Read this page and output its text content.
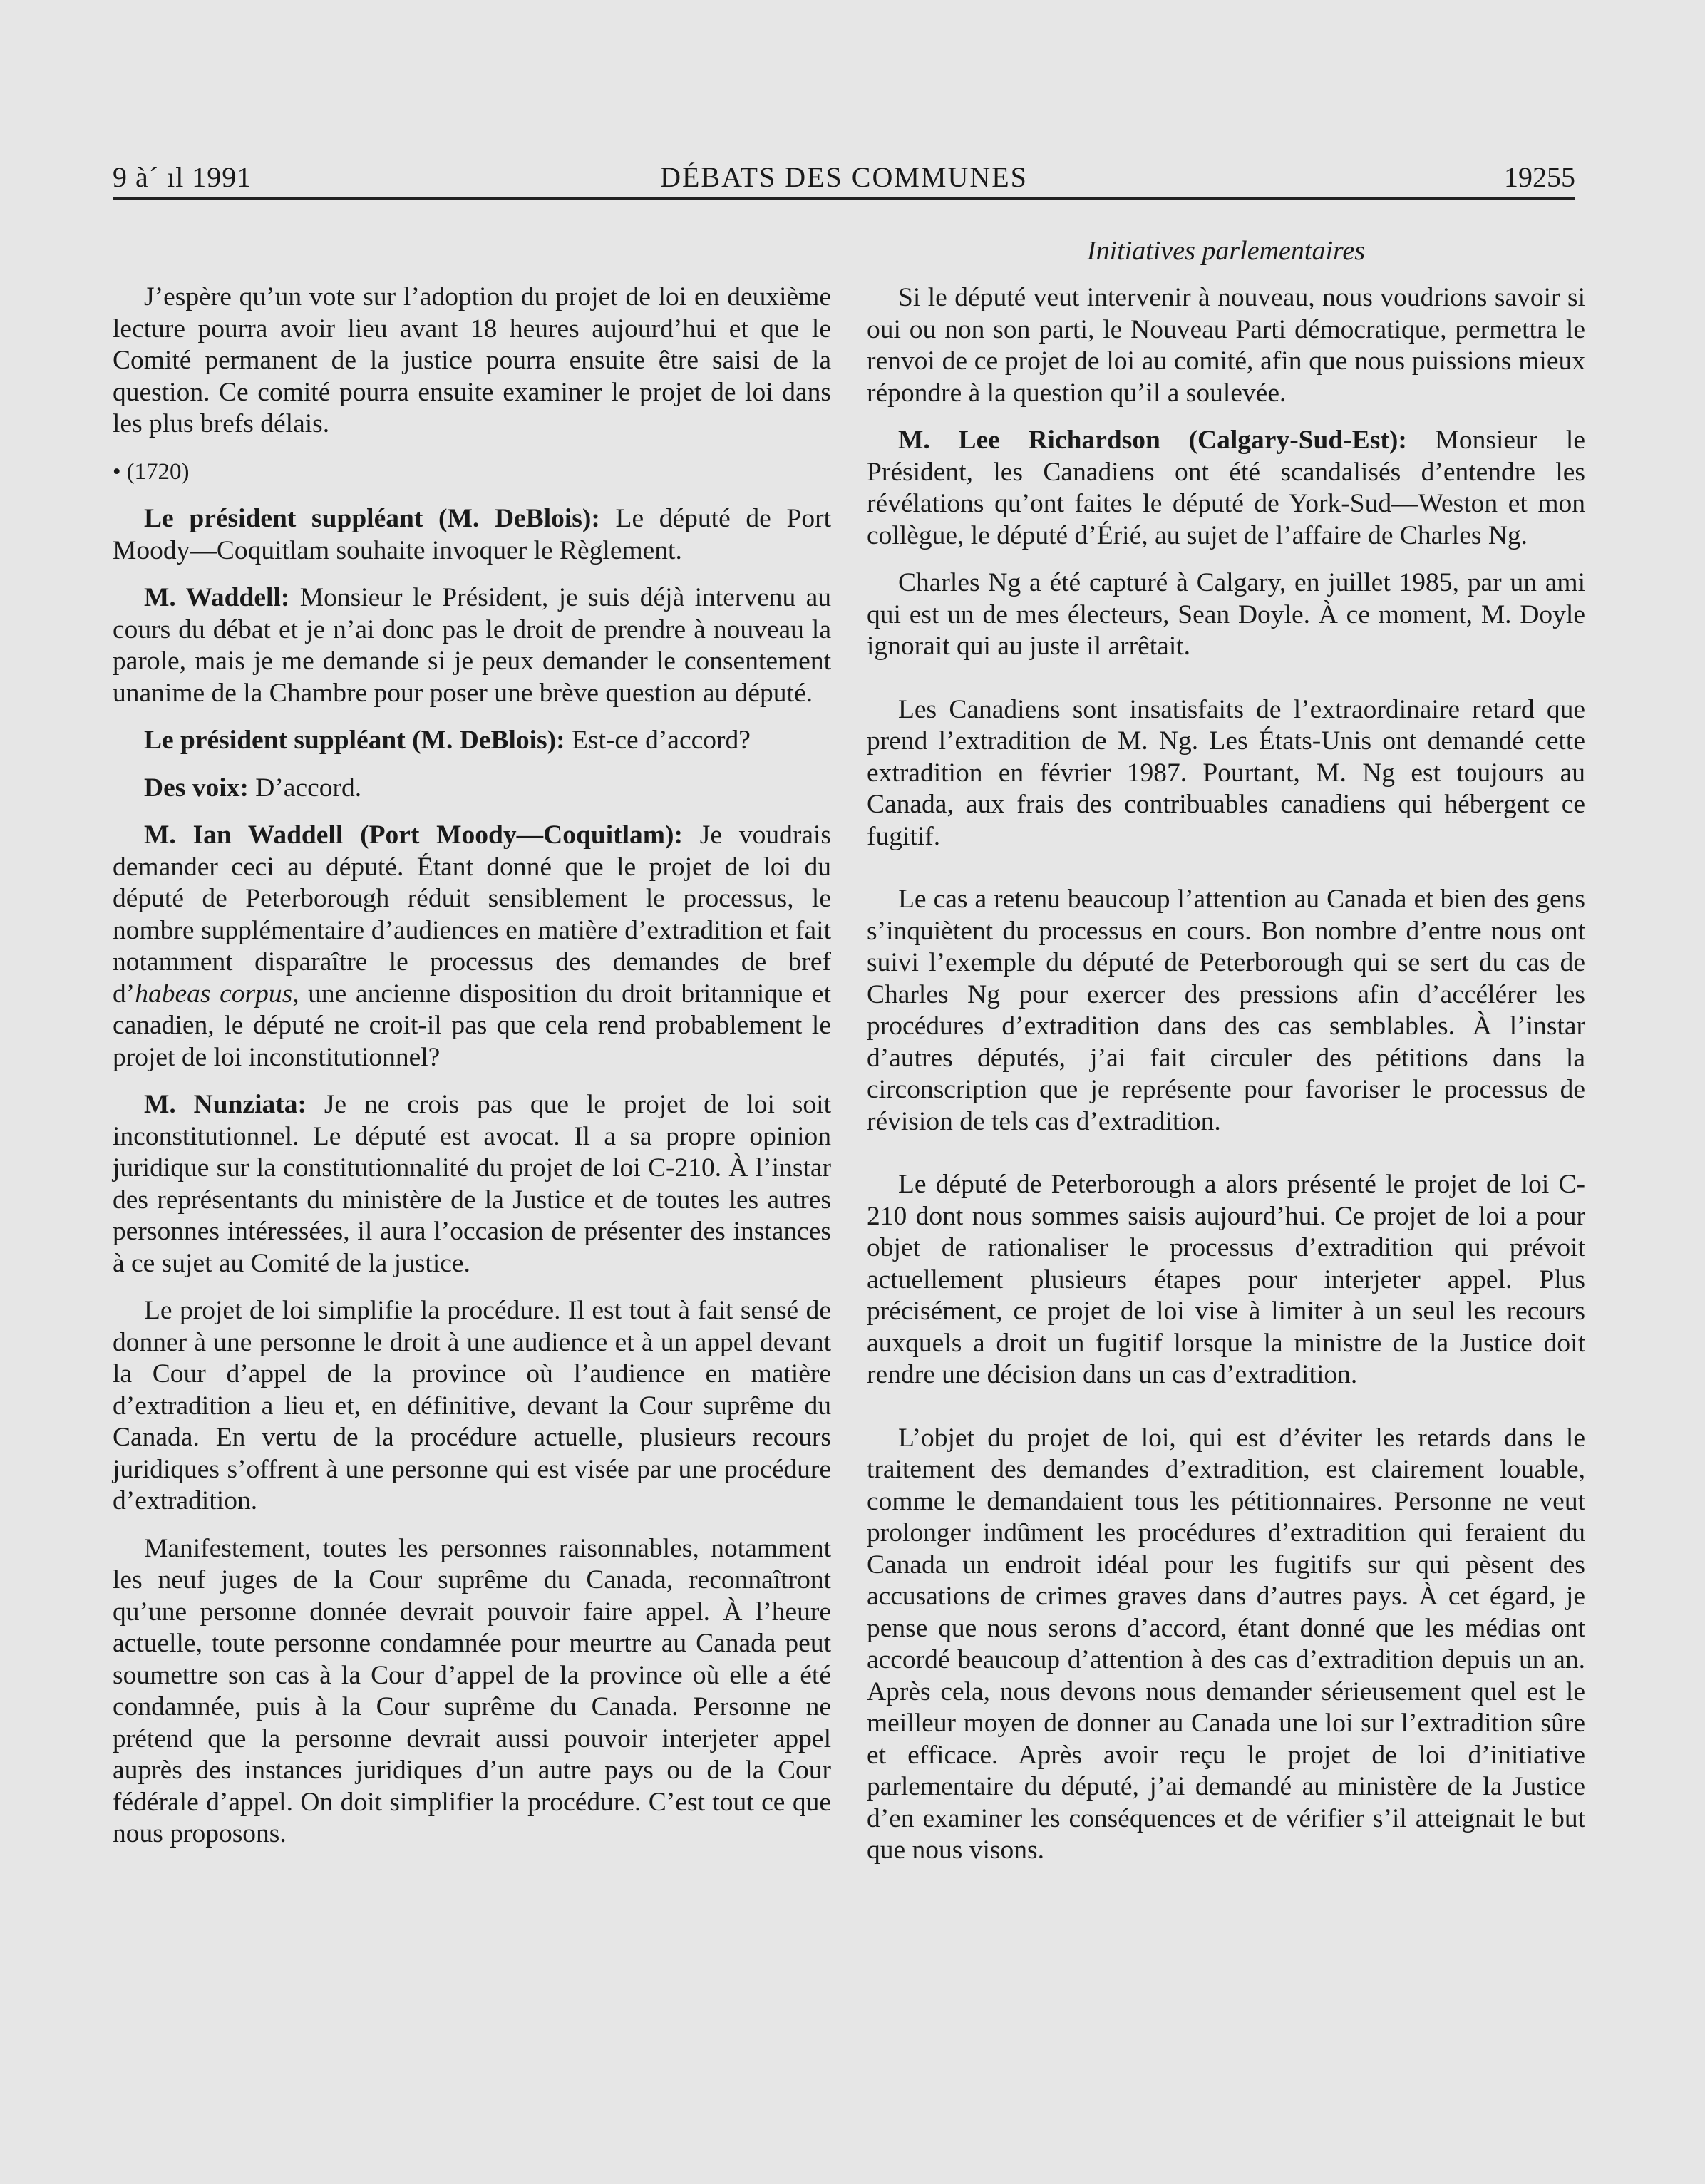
9 à´ ıl 1991	DÉBATS DES COMMUNES	19255

J’espère qu’un vote sur l’adoption du projet de loi en deuxième lecture pourra avoir lieu avant 18 heures aujourd’hui et que le Comité permanent de la justice pourra ensuite être saisi de la question. Ce comité pourra ensuite examiner le projet de loi dans les plus brefs délais.

• (1720)

Le président suppléant (M. DeBlois): Le député de Port Moody—Coquitlam souhaite invoquer le Règlement.

M. Waddell: Monsieur le Président, je suis déjà intervenu au cours du débat et je n’ai donc pas le droit de prendre à nouveau la parole, mais je me demande si je peux demander le consentement unanime de la Chambre pour poser une brève question au député.

Le président suppléant (M. DeBlois): Est-ce d’accord?

Des voix: D’accord.

M. Ian Waddell (Port Moody—Coquitlam): Je voudrais demander ceci au député. Étant donné que le projet de loi du député de Peterborough réduit sensiblement le processus, le nombre supplémentaire d’audiences en matière d’extradition et fait notamment disparaître le processus des demandes de bref d’habeas corpus, une ancienne disposition du droit britannique et canadien, le député ne croit-il pas que cela rend probablement le projet de loi inconstitutionnel?

M. Nunziata: Je ne crois pas que le projet de loi soit inconstitutionnel. Le député est avocat. Il a sa propre opinion juridique sur la constitutionnalité du projet de loi C-210. À l’instar des représentants du ministère de la Justice et de toutes les autres personnes intéressées, il aura l’occasion de présenter des instances à ce sujet au Comité de la justice.

Le projet de loi simplifie la procédure. Il est tout à fait sensé de donner à une personne le droit à une audience et à un appel devant la Cour d’appel de la province où l’audience en matière d’extradition a lieu et, en définitive, devant la Cour suprême du Canada. En vertu de la procédure actuelle, plusieurs recours juridiques s’offrent à une personne qui est visée par une procédure d’extradition.

Manifestement, toutes les personnes raisonnables, notamment les neuf juges de la Cour suprême du Canada, reconnaîtront qu’une personne donnée devrait pouvoir faire appel. À l’heure actuelle, toute personne condamnée pour meurtre au Canada peut soumettre son cas à la Cour d’appel de la province où elle a été condamnée, puis à la Cour suprême du Canada. Personne ne prétend que la personne devrait aussi pouvoir interjeter appel auprès des instances juridiques d’un autre pays ou de la Cour fédérale d’appel. On doit simplifier la procédure. C’est tout ce que nous proposons.

Initiatives parlementaires

Si le député veut intervenir à nouveau, nous voudrions savoir si oui ou non son parti, le Nouveau Parti démocratique, permettra le renvoi de ce projet de loi au comité, afin que nous puissions mieux répondre à la question qu’il a soulevée.

M. Lee Richardson (Calgary-Sud-Est): Monsieur le Président, les Canadiens ont été scandalisés d’entendre les révélations qu’ont faites le député de York-Sud—Weston et mon collègue, le député d’Érié, au sujet de l’affaire de Charles Ng.

Charles Ng a été capturé à Calgary, en juillet 1985, par un ami qui est un de mes électeurs, Sean Doyle. À ce moment, M. Doyle ignorait qui au juste il arrêtait.

Les Canadiens sont insatisfaits de l’extraordinaire retard que prend l’extradition de M. Ng. Les États-Unis ont demandé cette extradition en février 1987. Pourtant, M. Ng est toujours au Canada, aux frais des contribuables canadiens qui hébergent ce fugitif.

Le cas a retenu beaucoup l’attention au Canada et bien des gens s’inquiètent du processus en cours. Bon nombre d’entre nous ont suivi l’exemple du député de Peterborough qui se sert du cas de Charles Ng pour exercer des pressions afin d’accélérer les procédures d’extradition dans des cas semblables. À l’instar d’autres députés, j’ai fait circuler des pétitions dans la circonscription que je représente pour favoriser le processus de révision de tels cas d’extradition.

Le député de Peterborough a alors présenté le projet de loi C-210 dont nous sommes saisis aujourd’hui. Ce projet de loi a pour objet de rationaliser le processus d’extradition qui prévoit actuellement plusieurs étapes pour interjeter appel. Plus précisément, ce projet de loi vise à limiter à un seul les recours auxquels a droit un fugitif lorsque la ministre de la Justice doit rendre une décision dans un cas d’extradition.

L’objet du projet de loi, qui est d’éviter les retards dans le traitement des demandes d’extradition, est clairement louable, comme le demandaient tous les pétitionnaires. Personne ne veut prolonger indûment les procédures d’extradition qui feraient du Canada un endroit idéal pour les fugitifs sur qui pèsent des accusations de crimes graves dans d’autres pays. À cet égard, je pense que nous serons d’accord, étant donné que les médias ont accordé beaucoup d’attention à des cas d’extradition depuis un an. Après cela, nous devons nous demander sérieusement quel est le meilleur moyen de donner au Canada une loi sur l’extradition sûre et efficace. Après avoir reçu le projet de loi d’initiative parlementaire du député, j’ai demandé au ministère de la Justice d’en examiner les conséquences et de vérifier s’il atteignait le but que nous visons.
